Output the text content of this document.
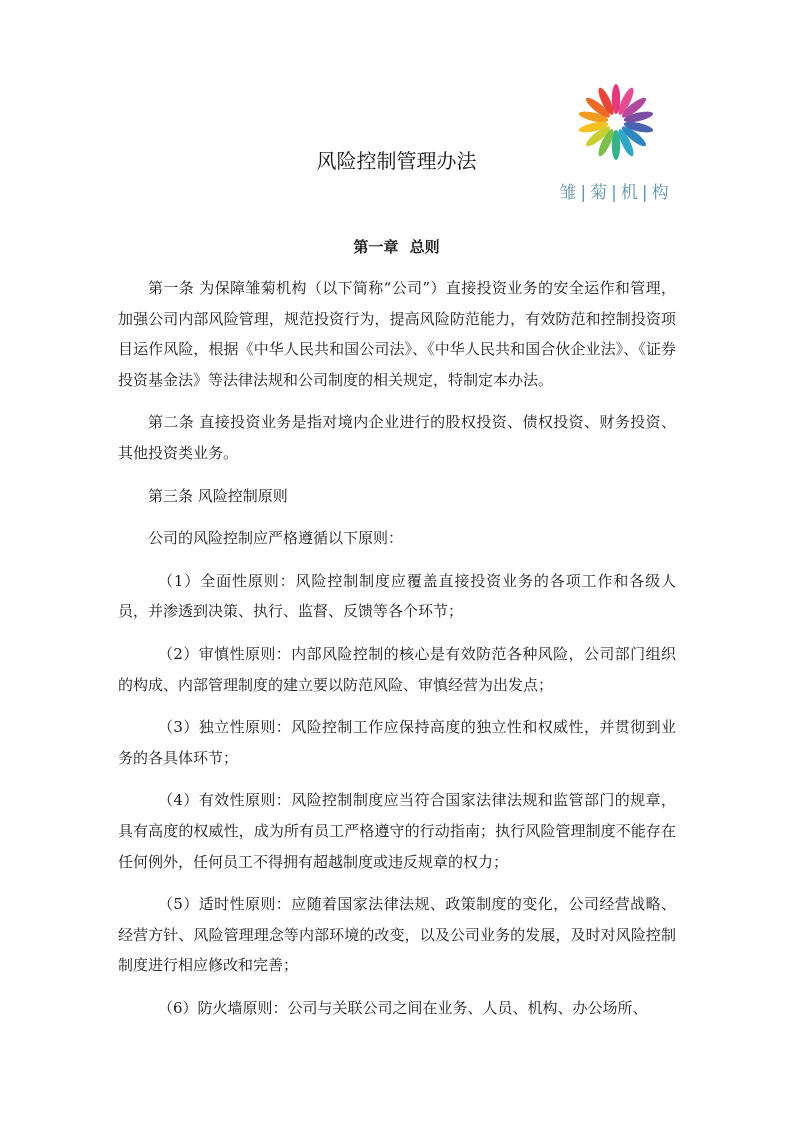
雏|菊|机|构
风险控制管理办法
第一章 总则

第一条 为保障雏菊机构（以下简称“公司”）直接投资业务的安全运作和管理，加强公司内部风险管理，规范投资行为，提高风险防范能力，有效防范和控制投资项目运作风险，根据《中华人民共和国公司法》、《中华人民共和国合伙企业法》、《证券投资基金法》等法律法规和公司制度的相关规定，特制定本办法。

第二条 直接投资业务是指对境内企业进行的股权投资、债权投资、财务投资、其他投资类业务。

第三条 风险控制原则

公司的风险控制应严格遵循以下原则：

（1）全面性原则：风险控制制度应覆盖直接投资业务的各项工作和各级人员，并渗透到决策、执行、监督、反馈等各个环节；

（2）审慎性原则：内部风险控制的核心是有效防范各种风险，公司部门组织的构成、内部管理制度的建立要以防范风险、审慎经营为出发点；

（3）独立性原则：风险控制工作应保持高度的独立性和权威性，并贯彻到业务的各具体环节；

（4）有效性原则：风险控制制度应当符合国家法律法规和监管部门的规章，具有高度的权威性，成为所有员工严格遵守的行动指南；执行风险管理制度不能存在任何例外，任何员工不得拥有超越制度或违反规章的权力；

（5）适时性原则：应随着国家法律法规、政策制度的变化，公司经营战略、经营方针、风险管理理念等内部环境的改变，以及公司业务的发展，及时对风险控制制度进行相应修改和完善；

（6）防火墙原则：公司与关联公司之间在业务、人员、机构、办公场所、
